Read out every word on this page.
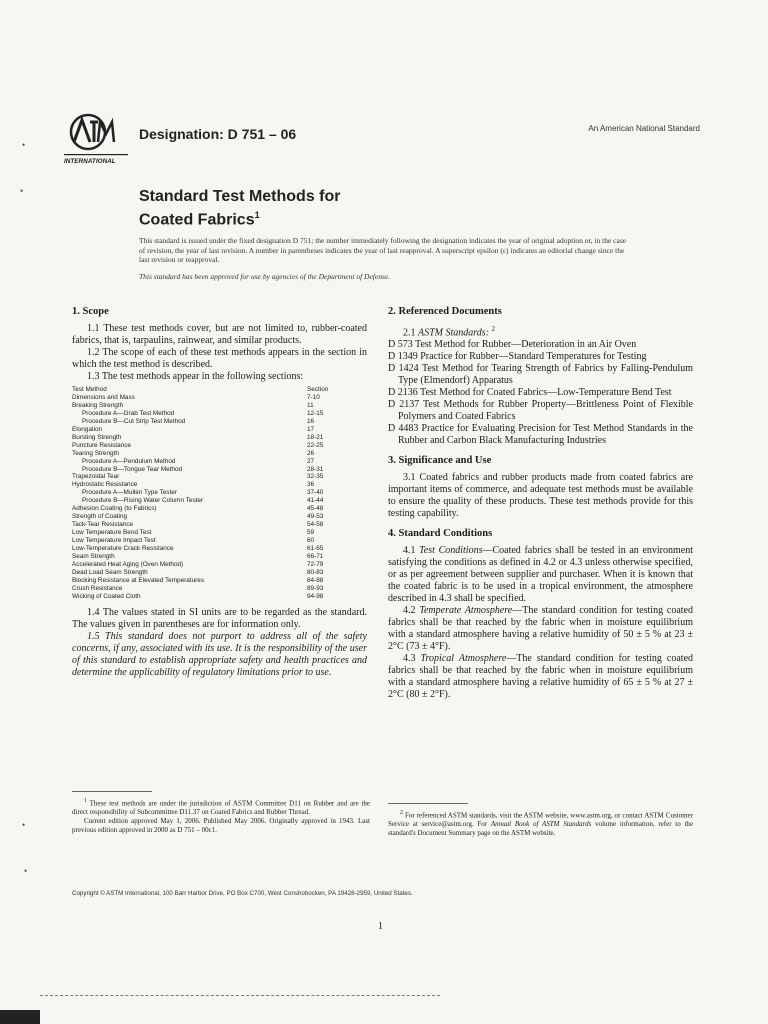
INTERNATIONAL
Designation: D 751 – 06	An American National Standard
Standard Test Methods for
Coated Fabrics$^1$
This standard is issued under the fixed designation D 751; the number immediately following the designation indicates the year of original adoption or, in the case of revision, the year of last revision. A number in parentheses indicates the year of last reapproval. A superscript epsilon (ε) indicates an editorial change since the last revision or reapproval.
This standard has been approved for use by agencies of the Department of Defense.
1. Scope

1.1 These test methods cover, but are not limited to, rubber-coated fabrics, that is, tarpaulins, rainwear, and similar products.

1.2 The scope of each of these test methods appears in the section in which the test method is described.

1.3 The test methods appear in the following sections:

Test Method	Section
Dimensions and Mass	7-10
Breaking Strength	11
Procedure A—Grab Test Method	12-15
Procedure B—Cut Strip Test Method	16
Elongation	17
Bursting Strength	18-21
Puncture Resistance	22-25
Tearing Strength	26
Procedure A—Pendulum Method	27
Procedure B—Tongue Tear Method	28-31
Trapezoidal Tear	32-35
Hydrostatic Resistance	36
Procedure A—Mullen Type Tester	37-40
Procedure B—Rising Water Column Tester	41-44
Adhesion Coating (to Fabrics)	45-48
Strength of Coating	49-53
Tack-Tear Resistance	54-58
Low Temperature Bend Test	59
Low Temperature Impact Test	60
Low-Temperature Crack Resistance	61-65
Seam Strength	66-71
Accelerated Heat Aging (Oven Method)	72-79
Dead Load Seam Strength	80-83
Blocking Resistance at Elevated Temperatures	84-88
Crush Resistance	89-93
Wicking of Coated Cloth	94-98

1.4 The values stated in SI units are to be regarded as the standard. The values given in parentheses are for information only.

1.5 This standard does not purport to address all of the safety concerns, if any, associated with its use. It is the responsibility of the user of this standard to establish appropriate safety and health practices and determine the applicability of regulatory limitations prior to use.

2. Referenced Documents

2.1 ASTM Standards: $^2$

D 573 Test Method for Rubber—Deterioration in an Air Oven

D 1349 Practice for Rubber—Standard Temperatures for Testing

D 1424 Test Method for Tearing Strength of Fabrics by Falling-Pendulum Type (Elmendorf) Apparatus

D 2136 Test Method for Coated Fabrics—Low-Temperature Bend Test

D 2137 Test Methods for Rubber Property—Brittleness Point of Flexible Polymers and Coated Fabrics

D 4483 Practice for Evaluating Precision for Test Method Standards in the Rubber and Carbon Black Manufacturing Industries

3. Significance and Use

3.1 Coated fabrics and rubber products made from coated fabrics are important items of commerce, and adequate test methods must be available to ensure the quality of these products. These test methods provide for this testing capability.

4. Standard Conditions

4.1 Test Conditions—Coated fabrics shall be tested in an environment satisfying the conditions as defined in 4.2 or 4.3 unless otherwise specified, or as per agreement between supplier and purchaser. When it is known that the coated fabric is to be used in a tropical environment, the atmosphere described in 4.3 shall be specified.

4.2 Temperate Atmosphere—The standard condition for testing coated fabrics shall be that reached by the fabric when in moisture equilibrium with a standard atmosphere having a relative humidity of 50 ± 5 % at 23 ± 2°C (73 ± 4°F).

4.3 Tropical Atmosphere—The standard condition for testing coated fabrics shall be that reached by the fabric when in moisture equilibrium with a standard atmosphere having a relative humidity of 65 ± 5 % at 27 ± 2°C (80 ± 2°F).

$^1$ These test methods are under the jurisdiction of ASTM Committee D11 on Rubber and are the direct responsibility of Subcommittee D11.37 on Coated Fabrics and Rubber Thread.

Current edition approved May 1, 2006. Published May 2006. Originally approved in 1943. Last previous edition approved in 2000 as D 751 – 00ε1.

$^2$ For referenced ASTM standards, visit the ASTM website, www.astm.org, or contact ASTM Customer Service at service@astm.org. For Annual Book of ASTM Standards volume information, refer to the standard's Document Summary page on the ASTM website.

Copyright © ASTM International, 100 Barr Harbor Drive, PO Box C700, West Conshohocken, PA 19428-2959, United States.
1
•
•
•
•
